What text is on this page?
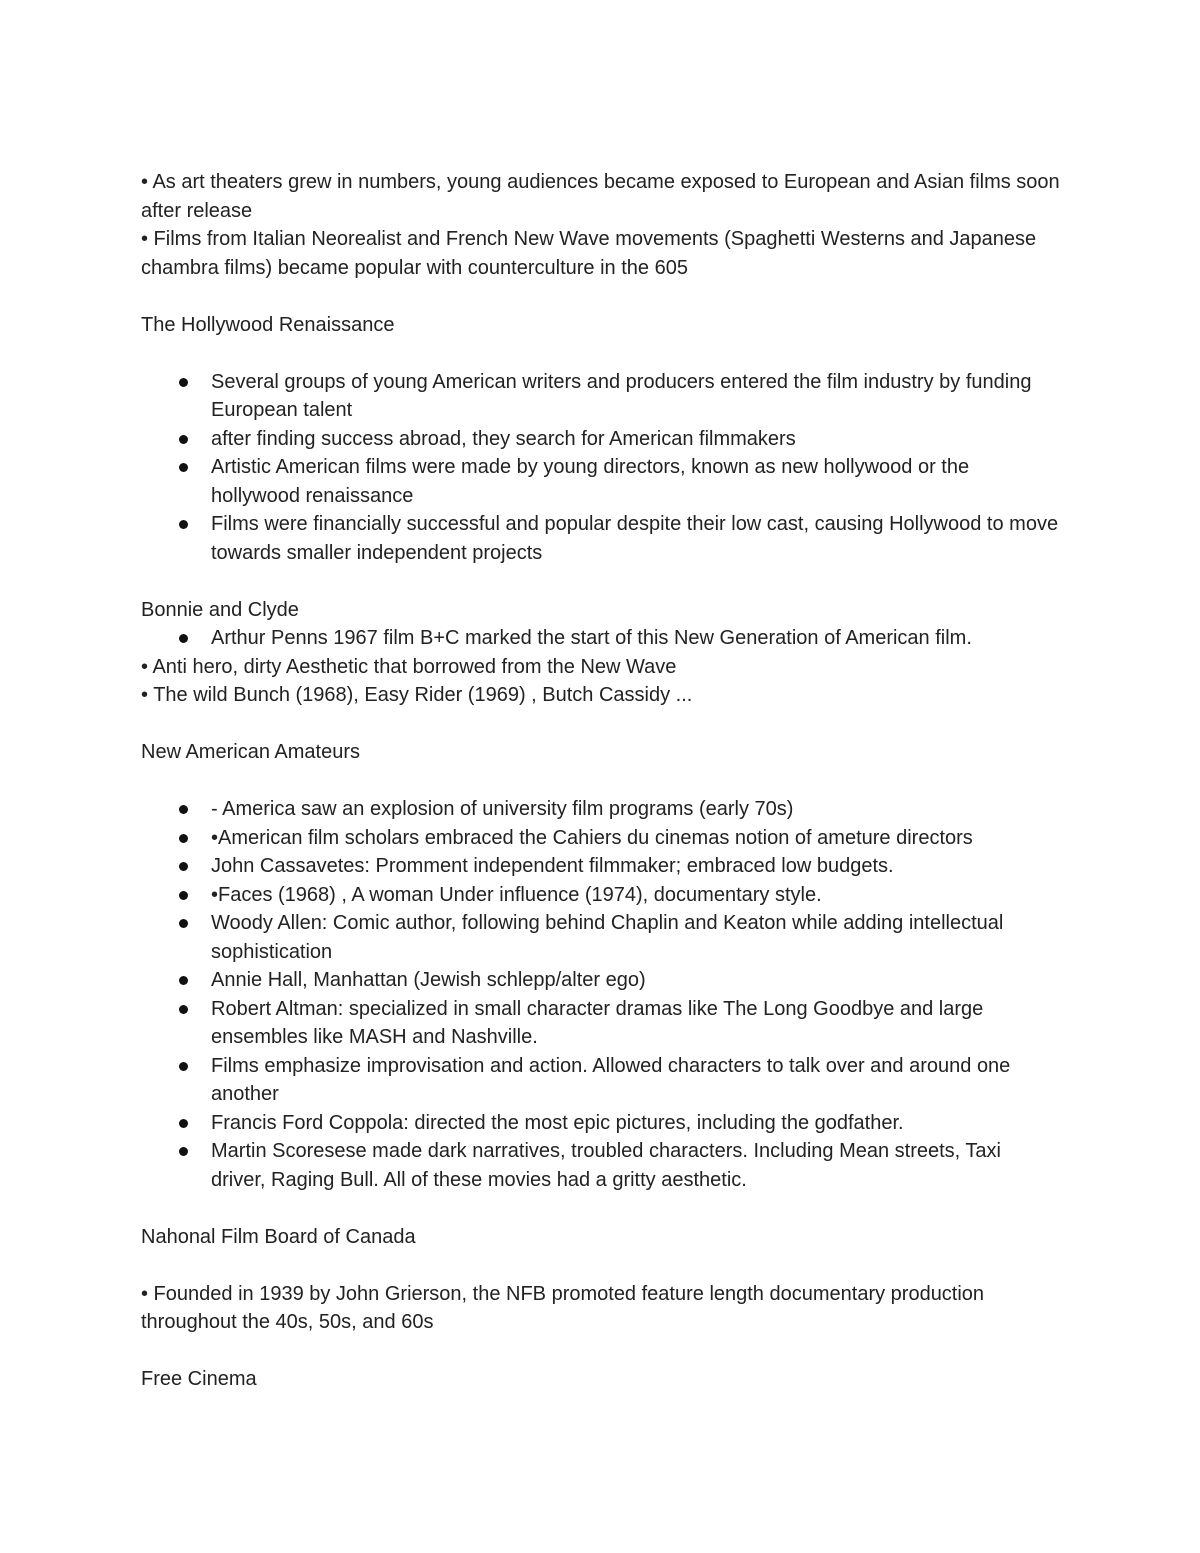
• As art theaters grew in numbers, young audiences became exposed to European and Asian films soon after release

• Films from Italian Neorealist and French New Wave movements (Spaghetti Westerns and Japanese chambra films) became popular with counterculture in the 605

The Hollywood Renaissance

Several groups of young American writers and producers entered the film industry by funding European talent
after finding success abroad, they search for American filmmakers
Artistic American films were made by young directors, known as new hollywood or the hollywood renaissance
Films were financially successful and popular despite their low cast, causing Hollywood to move towards smaller independent projects

Bonnie and Clyde

Arthur Penns 1967 film B+C marked the start of this New Generation of American film.

• Anti hero, dirty Aesthetic that borrowed from the New Wave

• The wild Bunch (1968), Easy Rider (1969) , Butch Cassidy ...

New American Amateurs

- America saw an explosion of university film programs (early 70s)
•American film scholars embraced the Cahiers du cinemas notion of ameture directors
John Cassavetes: Promment independent filmmaker; embraced low budgets.
•Faces (1968) , A woman Under influence (1974), documentary style.
Woody Allen: Comic author, following behind Chaplin and Keaton while adding intellectual sophistication
Annie Hall, Manhattan (Jewish schlepp/alter ego)
Robert Altman: specialized in small character dramas like The Long Goodbye and large ensembles like MASH and Nashville.
Films emphasize improvisation and action. Allowed characters to talk over and around one another
Francis Ford Coppola: directed the most epic pictures, including the godfather.
Martin Scoresese made dark narratives, troubled characters. Including Mean streets, Taxi driver, Raging Bull. All of these movies had a gritty aesthetic.

Nahonal Film Board of Canada

• Founded in 1939 by John Grierson, the NFB promoted feature length documentary production throughout the 40s, 50s, and 60s

Free Cinema
